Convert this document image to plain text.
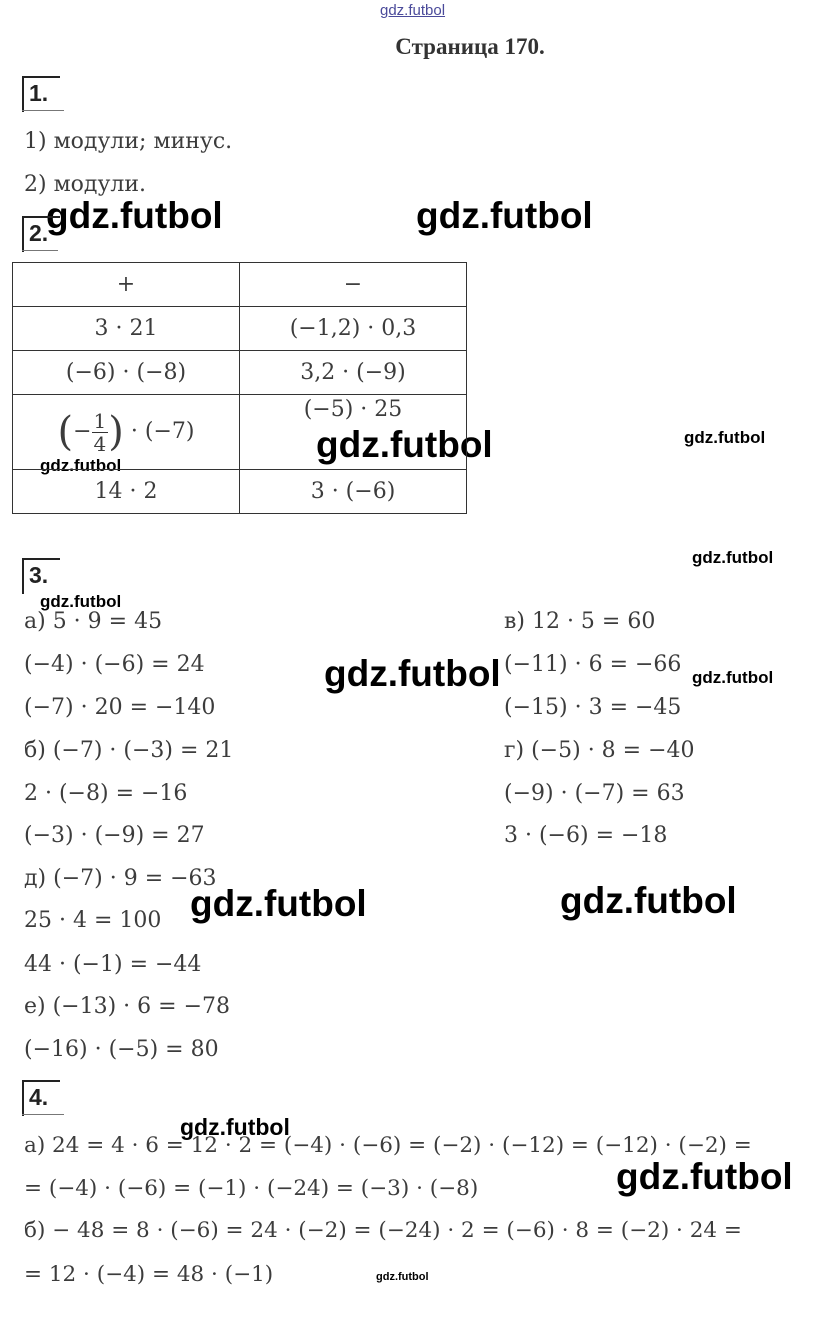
gdz.futbol
gdz.futbol	gdz.futbol
gdz.futbol	gdz.futbol
gdz.futbol
gdz.futbol
gdz.futbol
gdz.futbol	gdz.futbol
gdz.futbol	gdz.futbol
gdz.futbol
gdz.futbol
gdz.futbol
Страница 170.
1.
1) модули; минус.
2) модули.
2.
+	−
3 · 21	(−1,2) · 0,3
(−6) · (−8)	3,2 · (−9)
(− $\frac{1}{4}$ ) · (−7)	(−5) · 25
14 · 2	3 · (−6)
3.
а) 5 · 9 = 45
(−4) · (−6) = 24
(−7) · 20 = −140
б) (−7) · (−3) = 21
2 · (−8) = −16
(−3) · (−9) = 27
д) (−7) · 9 = −63
25 · 4 = 100
44 · (−1) = −44
е) (−13) · 6 = −78
(−16) · (−5) = 80
в) 12 · 5 = 60
(−11) · 6 = −66
(−15) · 3 = −45
г) (−5) · 8 = −40
(−9) · (−7) = 63
3 · (−6) = −18
4.
а) 24 = 4 · 6 = 12 · 2 = (−4) · (−6) = (−2) · (−12) = (−12) · (−2) =
= (−4) · (−6) = (−1) · (−24) = (−3) · (−8)
б) − 48 = 8 · (−6) = 24 · (−2) = (−24) · 2 = (−6) · 8 = (−2) · 24 =
= 12 · (−4) = 48 · (−1)
